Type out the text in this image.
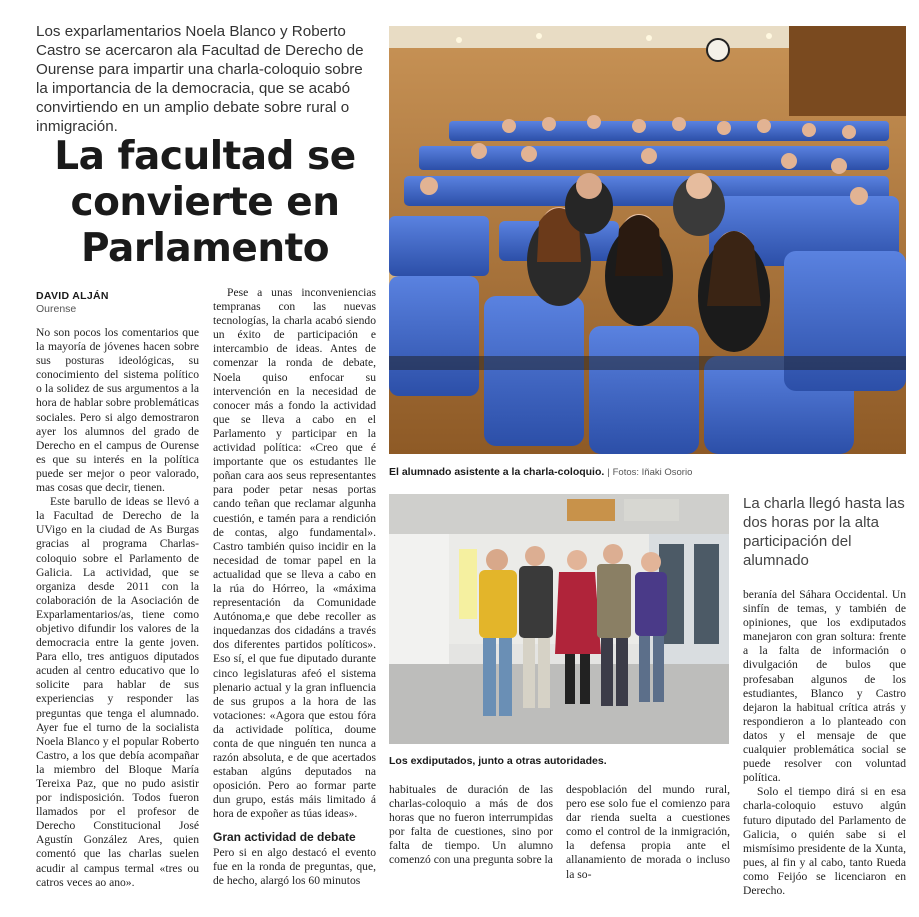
Los exparlamentarios Noela Blanco y Roberto Castro se acercaron ala Facultad de Derecho de Ourense para impartir una charla-coloquio sobre la importancia de la democracia, que se acabó convirtiendo en un amplio debate sobre rural o inmigración.
La facultad se
convierte en
Parlamento
DAVID ALJÁN
Ourense

No son pocos los comentarios que la mayoría de jóvenes hacen sobre sus posturas ideológicas, su conocimiento del sistema político o la solidez de sus argumentos a la hora de hablar sobre problemáticas sociales. Pero si algo demostraron ayer los alumnos del grado de Derecho en el campus de Ourense es que su interés en la política puede ser mejor o peor valorado, mas cosas que decir, tienen.

Este barullo de ideas se llevó a la Facultad de Derecho de la UVigo en la ciudad de As Burgas gracias al programa Charlas-coloquio sobre el Parlamento de Galicia. La actividad, que se organiza desde 2011 con la colaboración de la Asociación de Exparlamentarios/as, tiene como objetivo difundir los valores de la democracia entre la gente joven. Para ello, tres antiguos diputados acuden al centro educativo que lo solicite para hablar de sus experiencias y responder las preguntas que tenga el alumnado. Ayer fue el turno de la socialista Noela Blanco y el popular Roberto Castro, a los que debía acompañar la miembro del Bloque María Tereixa Paz, que no pudo asistir por indisposición. Todos fueron llamados por el profesor de Derecho Constitucional José Agustín González Ares, quien comentó que las charlas suelen acudir al campus termal «tres ou catros veces ao ano».

Pese a unas inconveniencias tempranas con las nuevas tecnologías, la charla acabó siendo un éxito de participación e intercambio de ideas. Antes de comenzar la ronda de debate, Noela quiso enfocar su intervención en la necesidad de conocer más a fondo la actividad que se lleva a cabo en el Parlamento y participar en la actividad política: «Creo que é importante que os estudantes lle poñan cara aos seus representantes para poder petar nesas portas cando teñan que reclamar algunha cuestión, e tamén para a rendición de contas, algo fundamental». Castro también quiso incidir en la necesidad de tomar papel en la actualidad que se lleva a cabo en la rúa do Hórreo, la «máxima representación da Comunidade Autónoma,e que debe recoller as inquedanzas dos cidadáns a través dos diferentes partidos políticos». Eso sí, el que fue diputado durante cinco legislaturas afeó el sistema plenario actual y la gran influencia de sus grupos a la hora de las votaciones: «Agora que estou fóra da actividade política, doume conta de que ninguén ten nunca a razón absoluta, e de que acertados estaban algúns deputados na oposición. Pero ao formar parte dun grupo, estás máis limitado á hora de expoñer as túas ideas».

Gran actividad de debate

Pero si en algo destacó el evento fue en la ronda de preguntas, que, de hecho, alargó los 60 minutos

El alumnado asistente a la charla-coloquio. | Fotos: Iñaki Osorio
Los exdiputados, junto a otras autoridades.
La charla llegó hasta las dos horas por la alta participación del alumnado

habituales de duración de las charlas-coloquio a más de dos horas que no fueron interrumpidas por falta de cuestiones, sino por falta de tiempo. Un alumno comenzó con una pregunta sobre la

despoblación del mundo rural, pero ese solo fue el comienzo para dar rienda suelta a cuestiones como el control de la inmigración, la defensa propia ante el allanamiento de morada o incluso la so-

beranía del Sáhara Occidental. Un sinfín de temas, y también de opiniones, que los exdiputados manejaron con gran soltura: frente a la falta de información o divulgación de bulos que profesaban algunos de los estudiantes, Blanco y Castro dejaron la habitual crítica atrás y respondieron a lo planteado con datos y el mensaje de que cualquier problemática social se puede resolver con voluntad política.

Solo el tiempo dirá si en esa charla-coloquio estuvo algún futuro diputado del Parlamento de Galicia, o quién sabe si el mismísimo presidente de la Xunta, pues, al fin y al cabo, tanto Rueda como Feijóo se licenciaron en Derecho.
